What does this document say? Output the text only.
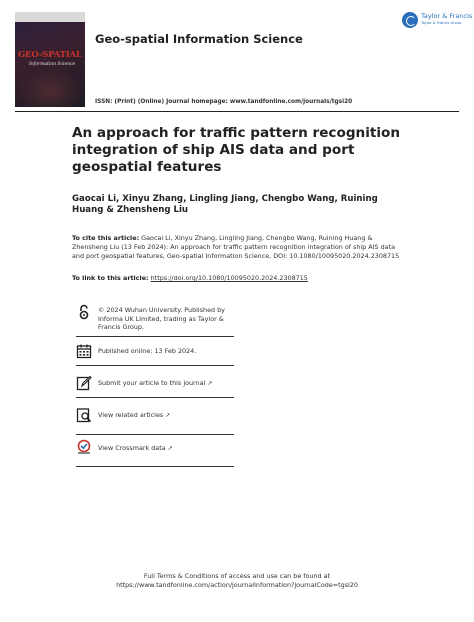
GEO-SPATIAL
Information Science
Geo-spatial Information Science
ISSN: (Print) (Online) Journal homepage: www.tandfonline.com/journals/tgsi20
Taylor & Francis
Taylor & Francis Group
An approach for traffic pattern recognition integration of ship AIS data and port geospatial features
Gaocai Li, Xinyu Zhang, Lingling Jiang, Chengbo Wang, Ruining Huang & Zhensheng Liu
To cite this article: Gaocai Li, Xinyu Zhang, Lingling Jiang, Chengbo Wang, Ruining Huang & Zhensheng Liu (13 Feb 2024): An approach for traffic pattern recognition integration of ship AIS data and port geospatial features, Geo-spatial Information Science, DOI: 10.1080/10095020.2024.2308715
To link to this article: https://doi.org/10.1080/10095020.2024.2308715
© 2024 Wuhan University. Published by Informa UK Limited, trading as Taylor & Francis Group.
Published online: 13 Feb 2024.
Submit your article to this journal ↗
View related articles ↗
View Crossmark data ↗
Full Terms & Conditions of access and use can be found at
https://www.tandfonline.com/action/journalInformation?journalCode=tgsi20
